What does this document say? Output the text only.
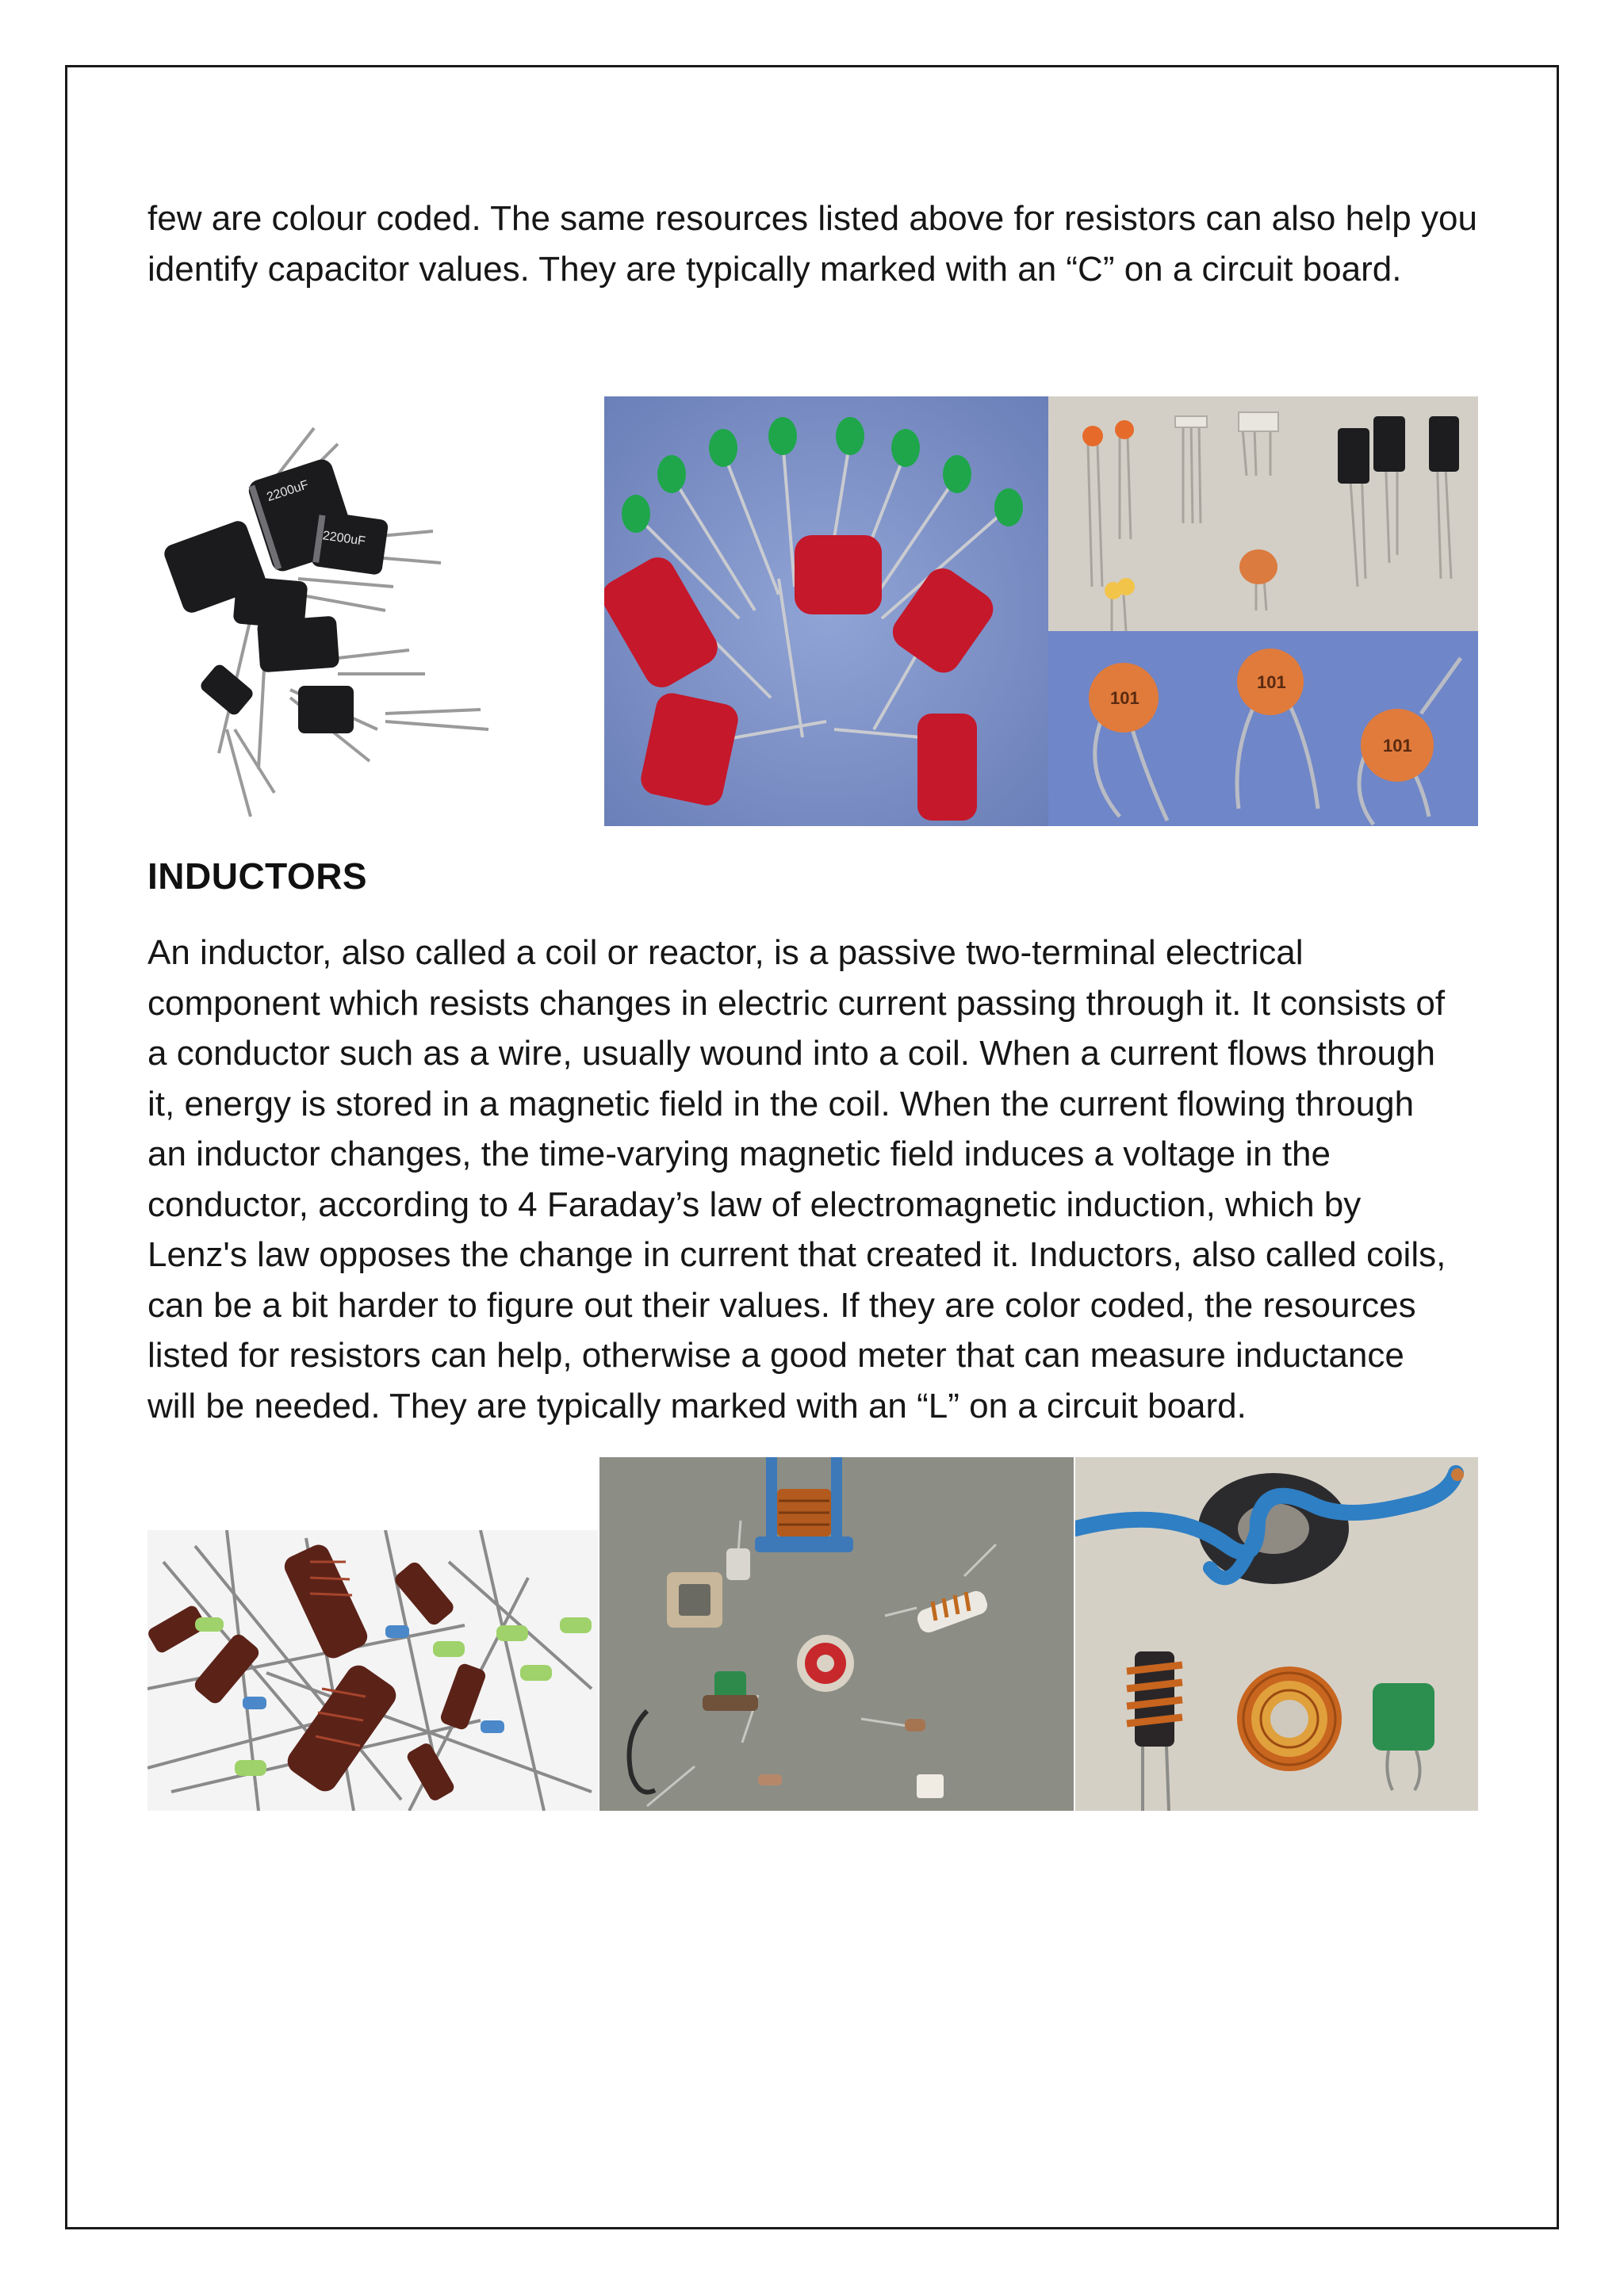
few are colour coded. The same resources listed above for resistors can also help you
identify capacitor values. They are typically marked with an “C” on a circuit board.

2200uF
2200uF
101
101
101
INDUCTORS

An inductor, also called a coil or reactor, is a passive two-terminal electrical
component which resists changes in electric current passing through it. It consists of
a conductor such as a wire, usually wound into a coil. When a current flows through
it, energy is stored in a magnetic field in the coil. When the current flowing through
an inductor changes, the time-varying magnetic field induces a voltage in the
conductor, according to 4 Faraday’s law of electromagnetic induction, which by
Lenz's law opposes the change in current that created it. Inductors, also called coils,
can be a bit harder to figure out their values. If they are color coded, the resources
listed for resistors can help, otherwise a good meter that can measure inductance
will be needed. They are typically marked with an “L” on a circuit board.
